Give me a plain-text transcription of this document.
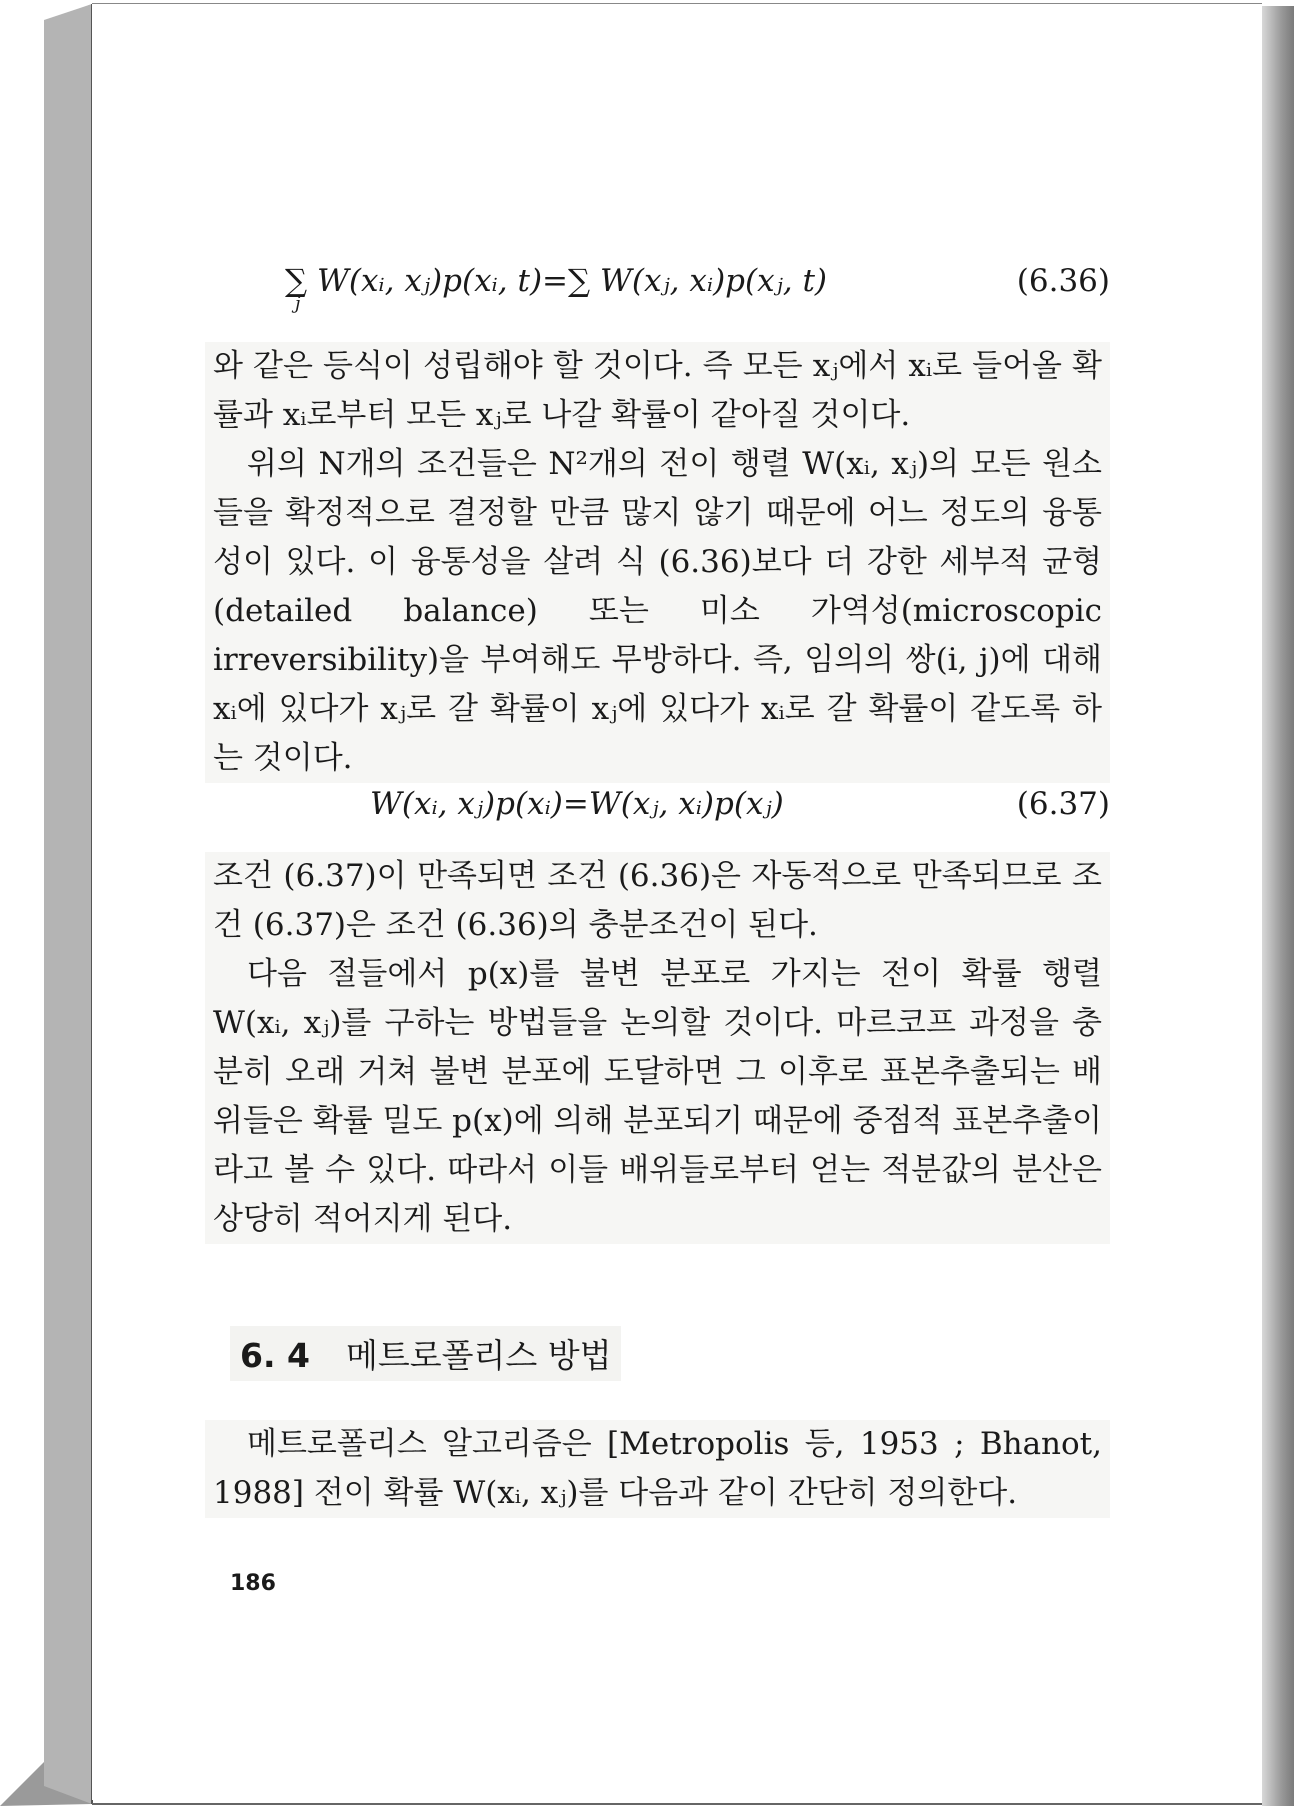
∑ W(xᵢ, xⱼ)p(xᵢ, t)=∑ W(xⱼ, xᵢ)p(xⱼ, t)
j
(6.36)

와 같은 등식이 성립해야 할 것이다. 즉 모든 xⱼ에서 xᵢ로 들어올 확률과 xᵢ로부터 모든 xⱼ로 나갈 확률이 같아질 것이다.

위의 N개의 조건들은 N²개의 전이 행렬 W(xᵢ, xⱼ)의 모든 원소들을 확정적으로 결정할 만큼 많지 않기 때문에 어느 정도의 융통성이 있다. 이 융통성을 살려 식 (6.36)보다 더 강한 세부적 균형(detailed balance) 또는 미소 가역성(microscopic irreversibility)을 부여해도 무방하다. 즉, 임의의 쌍(i, j)에 대해 xᵢ에 있다가 xⱼ로 갈 확률이 xⱼ에 있다가 xᵢ로 갈 확률이 같도록 하는 것이다.

W(xᵢ, xⱼ)p(xᵢ)=W(xⱼ, xᵢ)p(xⱼ)	(6.37)

조건 (6.37)이 만족되면 조건 (6.36)은 자동적으로 만족되므로 조건 (6.37)은 조건 (6.36)의 충분조건이 된다.

다음 절들에서 p(x)를 불변 분포로 가지는 전이 확률 행렬 W(xᵢ, xⱼ)를 구하는 방법들을 논의할 것이다. 마르코프 과정을 충분히 오래 거쳐 불변 분포에 도달하면 그 이후로 표본추출되는 배위들은 확률 밀도 p(x)에 의해 분포되기 때문에 중점적 표본추출이라고 볼 수 있다. 따라서 이들 배위들로부터 얻는 적분값의 분산은 상당히 적어지게 된다.

6. 4 메트로폴리스 방법

메트로폴리스 알고리즘은 [Metropolis 등, 1953 ; Bhanot, 1988] 전이 확률 W(xᵢ, xⱼ)를 다음과 같이 간단히 정의한다.

186
